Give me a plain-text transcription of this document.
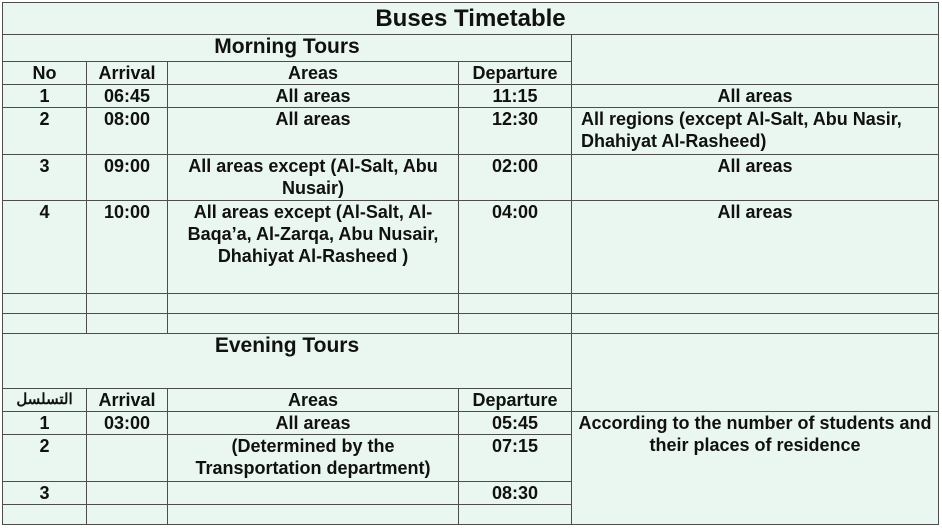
Buses Timetable				
Morning Tours				
No	Arrival	Areas	Departure	
1	06:45	All areas	11:15	All areas
2	08:00	All areas	12:30	All regions (except Al-Salt, Abu Nasir, Dhahiyat Al-Rasheed)
3	09:00	All areas except (Al-Salt, Abu Nusair)	02:00	All areas
4	10:00	All areas except (Al-Salt, Al-Baqa’a, Al-Zarqa, Abu Nusair, Dhahiyat Al-Rasheed )	04:00	All areas

Evening Tours				
التسلسل	Arrival	Areas	Departure	
1	03:00	All areas	05:45	According to the number of students and their places of residence
2		(Determined by the Transportation department)	07:15	
3			08:30	
